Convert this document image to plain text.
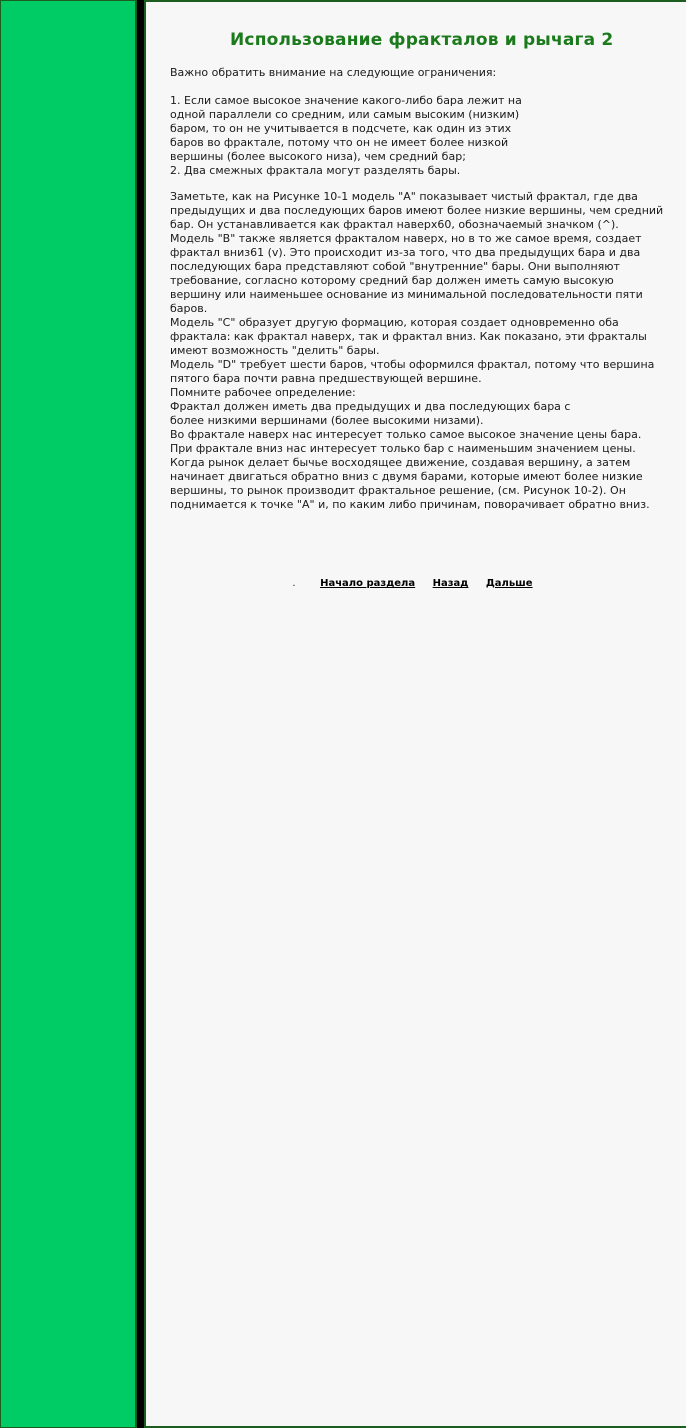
Использование фракталов и рычага 2

Важно обратить внимание на следующие ограничения:

1. Если самое высокое значение какого-либо бара лежит на

одной параллели со средним, или самым высоким (низким)

баром, то он не учитывается в подсчете, как один из этих

баров во фрактале, потому что он не имеет более низкой

вершины (более высокого низа), чем средний бар;

2. Два смежных фрактала могут разделять бары.

Заметьте, как на Рисунке 10-1 модель "A" показывает чистый фрактал, где два предыдущих и два последующих баров имеют более низкие вершины, чем средний бар. Он устанавливается как фрактал наверх60, обозначаемый значком (^).

Модель "B" также является фракталом наверх, но в то же самое время, создает фрактал вниз61 (v). Это происходит из-за того, что два предыдущих бара и два последующих бара представляют собой "внутренние" бары. Они выполняют требование, согласно которому средний бар должен иметь самую высокую вершину или наименьшее основание из минимальной последовательности пяти баров.

Модель "C" образует другую формацию, которая создает одновременно оба фрактала: как фрактал наверх, так и фрактал вниз. Как показано, эти фракталы имеют возможность "делить" бары.

Модель "D" требует шести баров, чтобы оформился фрактал, потому что вершина пятого бара почти равна предшествующей вершине.

Помните рабочее определение:

Фрактал должен иметь два предыдущих и два последующих бара с

более низкими вершинами (более высокими низами).

Во фрактале наверх нас интересует только самое высокое значение цены бара.

При фрактале вниз нас интересует только бар с наименьшим значением цены.

Когда рынок делает бычье восходящее движение, создавая вершину, а затем начинает двигаться обратно вниз с двумя барами, которые имеют более низкие вершины, то рынок производит фрактальное решение, (см. Рисунок 10-2). Он поднимается к точке "A" и, по каким либо причинам, поворачивает обратно вниз.

. Начало раздела Назад Дальше
